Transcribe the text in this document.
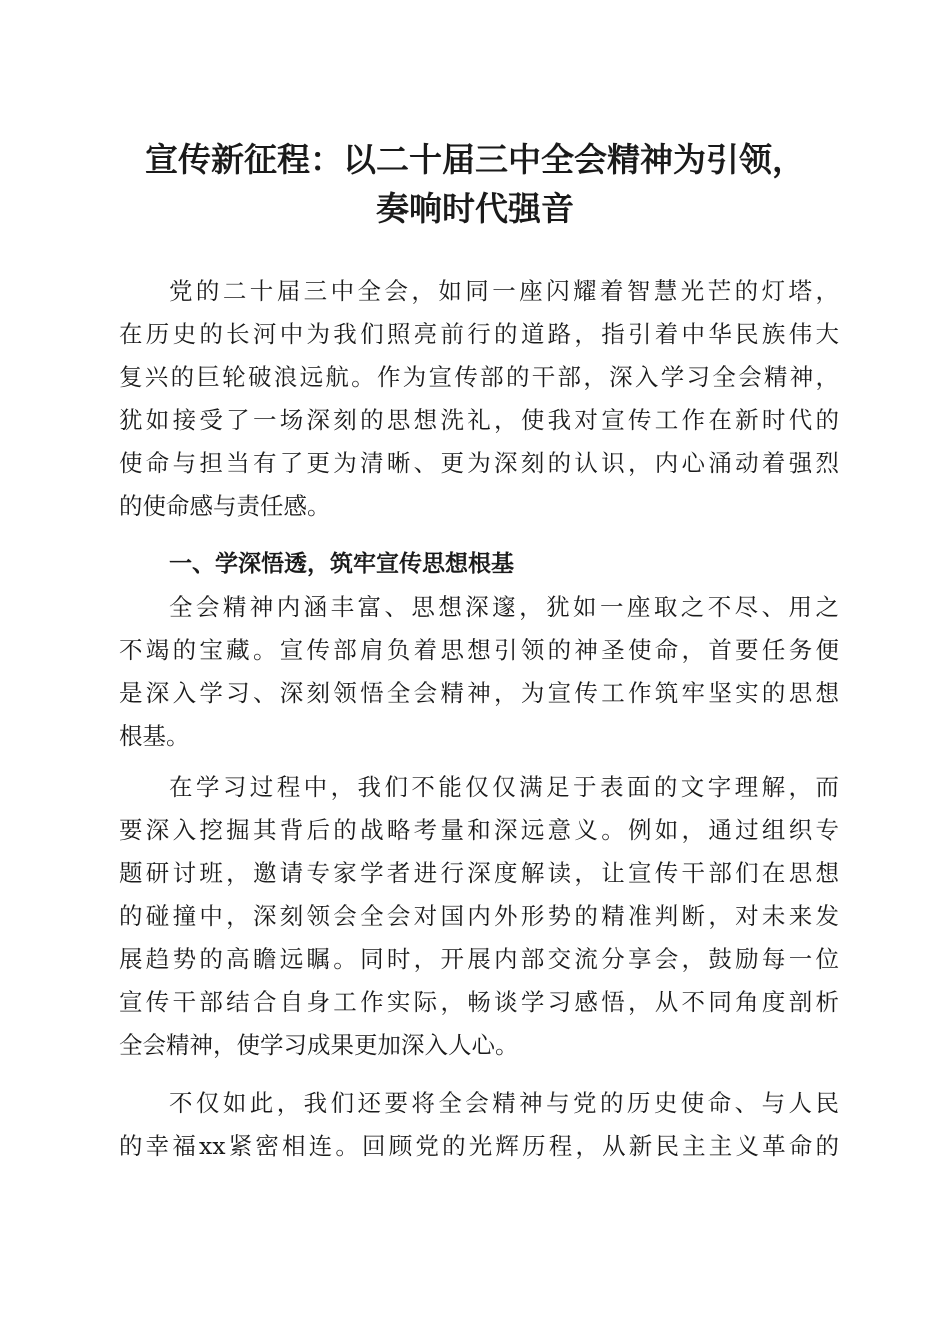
宣传新征程：以二十届三中全会精神为引领，
奏响时代强音
党的二十届三中全会，如同一座闪耀着智慧光芒的灯塔，
在历史的长河中为我们照亮前行的道路，指引着中华民族伟大
复兴的巨轮破浪远航。作为宣传部的干部，深入学习全会精神，
犹如接受了一场深刻的思想洗礼，使我对宣传工作在新时代的
使命与担当有了更为清晰、更为深刻的认识，内心涌动着强烈
的使命感与责任感。
一、学深悟透，筑牢宣传思想根基
全会精神内涵丰富、思想深邃，犹如一座取之不尽、用之
不竭的宝藏。宣传部肩负着思想引领的神圣使命，首要任务便
是深入学习、深刻领悟全会精神，为宣传工作筑牢坚实的思想
根基。
在学习过程中，我们不能仅仅满足于表面的文字理解，而
要深入挖掘其背后的战略考量和深远意义。例如，通过组织专
题研讨班，邀请专家学者进行深度解读，让宣传干部们在思想
的碰撞中，深刻领会全会对国内外形势的精准判断，对未来发
展趋势的高瞻远瞩。同时，开展内部交流分享会，鼓励每一位
宣传干部结合自身工作实际，畅谈学习感悟，从不同角度剖析
全会精神，使学习成果更加深入人心。
不仅如此，我们还要将全会精神与党的历史使命、与人民
的幸福xx紧密相连。回顾党的光辉历程，从新民主主义革命的
